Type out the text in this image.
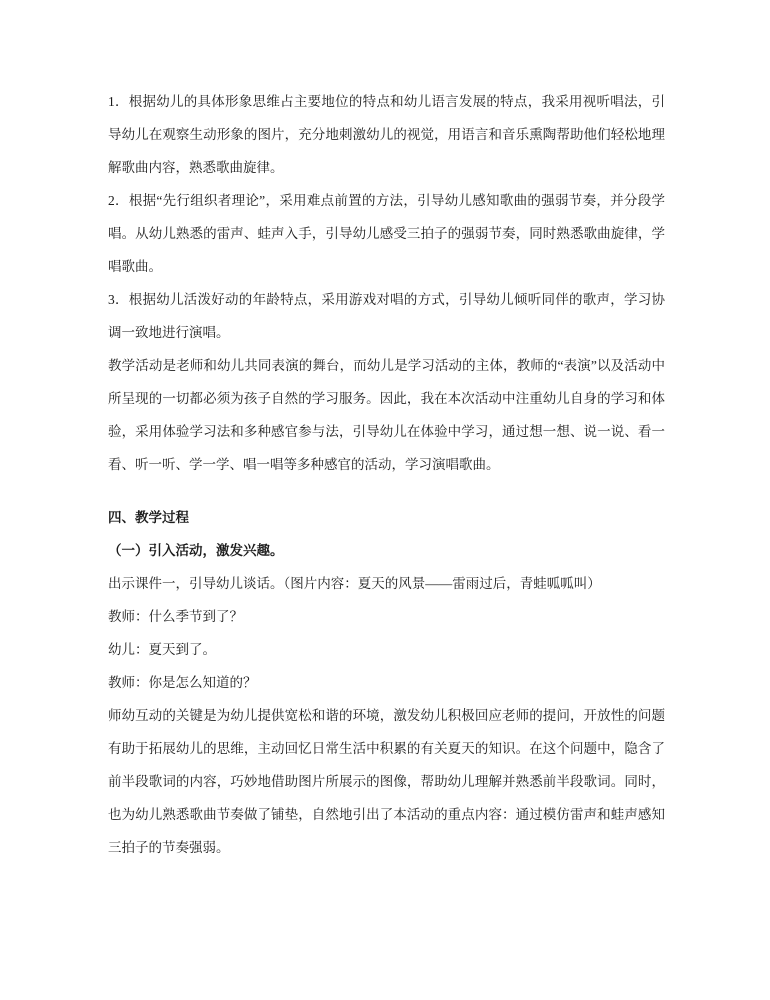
1．根据幼儿的具体形象思维占主要地位的特点和幼儿语言发展的特点，我采用视听唱法，引导幼儿在观察生动形象的图片，充分地刺激幼儿的视觉，用语言和音乐熏陶帮助他们轻松地理解歌曲内容，熟悉歌曲旋律。

2．根据“先行组织者理论”，采用难点前置的方法，引导幼儿感知歌曲的强弱节奏，并分段学唱。从幼儿熟悉的雷声、蛙声入手，引导幼儿感受三拍子的强弱节奏，同时熟悉歌曲旋律，学唱歌曲。

3．根据幼儿活泼好动的年龄特点，采用游戏对唱的方式，引导幼儿倾听同伴的歌声，学习协调一致地进行演唱。

教学活动是老师和幼儿共同表演的舞台，而幼儿是学习活动的主体，教师的“表演”以及活动中所呈现的一切都必须为孩子自然的学习服务。因此，我在本次活动中注重幼儿自身的学习和体验，采用体验学习法和多种感官参与法，引导幼儿在体验中学习，通过想一想、说一说、看一看、听一听、学一学、唱一唱等多种感官的活动，学习演唱歌曲。

四、教学过程

（一）引入活动，激发兴趣。

出示课件一，引导幼儿谈话。（图片内容：夏天的风景——雷雨过后，青蛙呱呱叫）

教师：什么季节到了？

幼儿：夏天到了。

教师：你是怎么知道的？

师幼互动的关键是为幼儿提供宽松和谐的环境，激发幼儿积极回应老师的提问，开放性的问题有助于拓展幼儿的思维，主动回忆日常生活中积累的有关夏天的知识。在这个问题中，隐含了前半段歌词的内容，巧妙地借助图片所展示的图像，帮助幼儿理解并熟悉前半段歌词。同时，也为幼儿熟悉歌曲节奏做了铺垫，自然地引出了本活动的重点内容：通过模仿雷声和蛙声感知三拍子的节奏强弱。
